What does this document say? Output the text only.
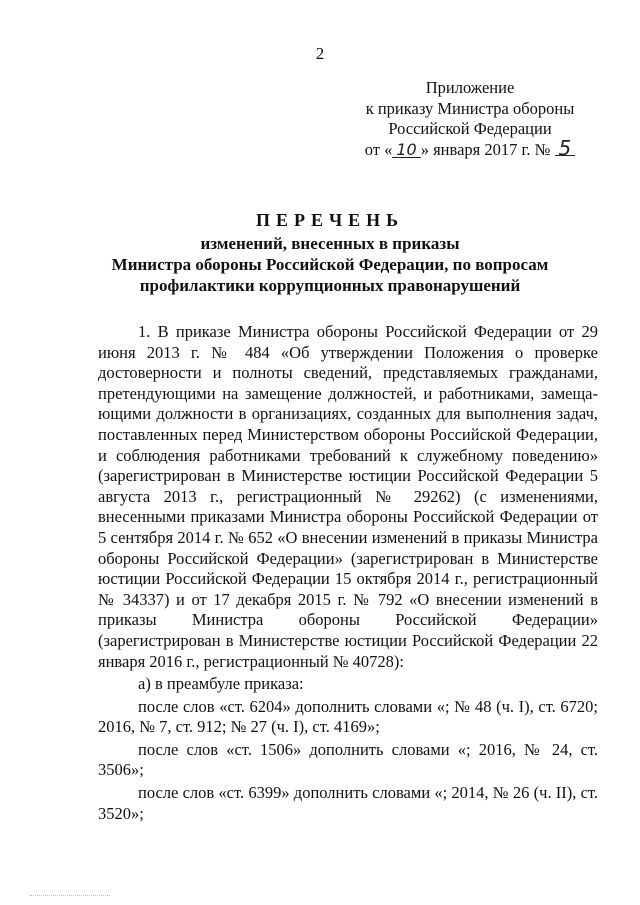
2
Приложение
к приказу Министра обороны
Российской Федерации
от « 10 » января 2017 г. № 5
ПЕРЕЧЕНЬ
изменений, внесенных в приказы
Министра обороны Российской Федерации, по вопросам
профилактики коррупционных правонарушений

1. В приказе Министра обороны Российской Федерации от 29 июня 2013 г. № 484 «Об утверждении Положения о проверке достоверности и полноты сведений, представляемых гражданами, претендующими на замещение должностей, и работниками, замещающими должности в организациях, созданных для выполнения задач, поставленных перед Министерством обороны Российской Федерации, и соблюдения работниками требований к служебному поведению» (зарегистрирован в Министерстве юстиции Российской Федерации 5 августа 2013 г., регистрационный № 29262) (с изменениями, внесенными приказами Министра обороны Российской Федерации от 5 сентября 2014 г. № 652 «О внесении изменений в приказы Министра обороны Российской Федерации» (зарегистрирован в Министерстве юстиции Российской Федерации 15 октября 2014 г., регистрационный № 34337) и от 17 декабря 2015 г. № 792 «О внесении изменений в приказы Министра обороны Российской Федерации» (зарегистрирован в Министерстве юстиции Российской Федерации 22 января 2016 г., регистрационный № 40728):

а) в преамбуле приказа:

после слов «ст. 6204» дополнить словами «; № 48 (ч. I), ст. 6720; 2016, № 7, ст. 912; № 27 (ч. I), ст. 4169»;

после слов «ст. 1506» дополнить словами «; 2016, № 24, ст. 3506»;

после слов «ст. 6399» дополнить словами «; 2014, № 26 (ч. II), ст. 3520»;
